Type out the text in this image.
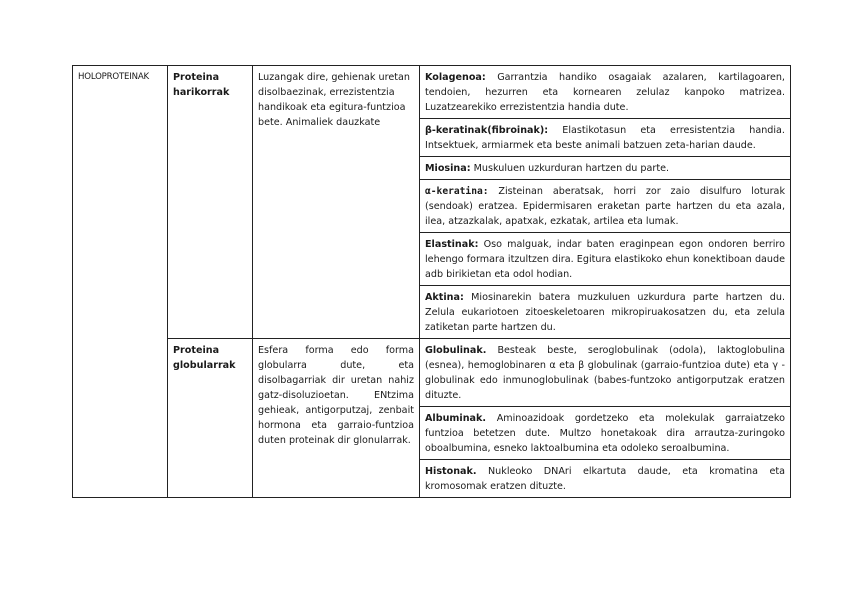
HOLOPROTEINAK	Proteina harikorrak	Luzangak dire, gehienak uretan disolbaezinak, errezistentzia handikoak eta egitura-funtzioa bete. Animaliek dauzkate	Kolagenoa: Garrantzia handiko osagaiak azalaren, kartilagoaren, tendoien, hezurren eta kornearen zelulaz kanpoko matrizea. Luzatzearekiko errezistentzia handia dute.
			β-keratinak(fibroinak): Elastikotasun eta erresistentzia handia. Intsektuek, armiarmek eta beste animali batzuen zeta-harian daude.
			Miosina: Muskuluen uzkurduran hartzen du parte.
			α-keratina: Zisteinan aberatsak, horri zor zaio disulfuro loturak (sendoak) eratzea. Epidermisaren eraketan parte hartzen du eta azala, ilea, atzazkalak, apatxak, ezkatak, artilea eta lumak.
			Elastinak: Oso malguak, indar baten eraginpean egon ondoren berriro lehengo formara itzultzen dira. Egitura elastikoko ehun konektiboan daude adb birikietan eta odol hodian.
			Aktina: Miosinarekin batera muzkuluen uzkurdura parte hartzen du. Zelula eukariotoen zitoeskeletoaren mikropiruakosatzen du, eta zelula zatiketan parte hartzen du.
	Proteina globularrak	Esfera forma edo forma globularra dute, eta disolbagarriak dir uretan nahiz gatz-disoluzioetan. ENtzima gehieak, antigorputzaj, zenbait hormona eta garraio-funtzioa duten proteinak dir glonularrak.	Globulinak. Besteak beste, seroglobulinak (odola), laktoglobulina (esnea), hemoglobinaren α eta β globulinak (garraio-funtzioa dute) eta γ -globulinak edo inmunoglobulinak (babes-funtzoko antigorputzak eratzen dituzte.
			Albuminak. Aminoazidoak gordetzeko eta molekulak garraiatzeko funtzioa betetzen dute. Multzo honetakoak dira arrautza-zuringoko oboalbumina, esneko laktoalbumina eta odoleko seroalbumina.
			Histonak. Nukleoko DNAri elkartuta daude, eta kromatina eta kromosomak eratzen dituzte.
